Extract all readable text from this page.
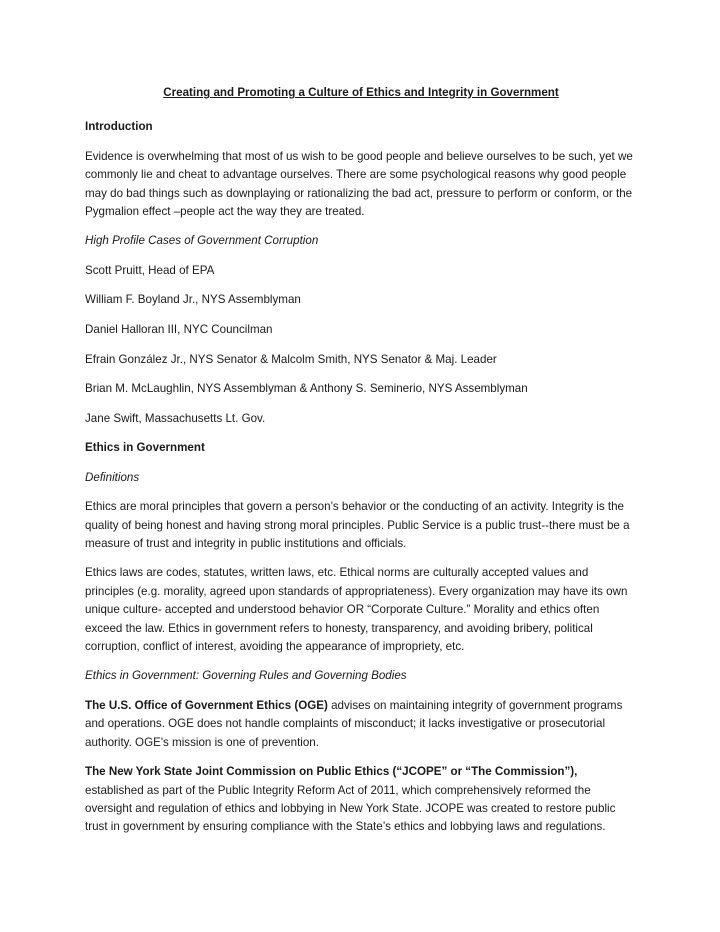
Creating and Promoting a Culture of Ethics and Integrity in Government
Introduction

Evidence is overwhelming that most of us wish to be good people and believe ourselves to be such, yet we commonly lie and cheat to advantage ourselves. There are some psychological reasons why good people may do bad things such as downplaying or rationalizing the bad act, pressure to perform or conform, or the Pygmalion effect –people act the way they are treated.

High Profile Cases of Government Corruption
Scott Pruitt, Head of EPA
William F. Boyland Jr., NYS Assemblyman
Daniel Halloran III, NYC Councilman
Efrain González Jr., NYS Senator & Malcolm Smith, NYS Senator & Maj. Leader
Brian M. McLaughlin, NYS Assemblyman & Anthony S. Seminerio, NYS Assemblyman
Jane Swift, Massachusetts Lt. Gov.
Ethics in Government
Definitions

Ethics are moral principles that govern a person’s behavior or the conducting of an activity. Integrity is the quality of being honest and having strong moral principles. Public Service is a public trust--there must be a measure of trust and integrity in public institutions and officials.

Ethics laws are codes, statutes, written laws, etc. Ethical norms are culturally accepted values and principles (e.g. morality, agreed upon standards of appropriateness). Every organization may have its own unique culture- accepted and understood behavior OR “Corporate Culture.” Morality and ethics often exceed the law. Ethics in government refers to honesty, transparency, and avoiding bribery, political corruption, conflict of interest, avoiding the appearance of impropriety, etc.

Ethics in Government: Governing Rules and Governing Bodies

The U.S. Office of Government Ethics (OGE) advises on maintaining integrity of government programs and operations. OGE does not handle complaints of misconduct; it lacks investigative or prosecutorial authority. OGE's mission is one of prevention.

The New York State Joint Commission on Public Ethics (“JCOPE” or “The Commission”), established as part of the Public Integrity Reform Act of 2011, which comprehensively reformed the oversight and regulation of ethics and lobbying in New York State. JCOPE was created to restore public trust in government by ensuring compliance with the State’s ethics and lobbying laws and regulations.
